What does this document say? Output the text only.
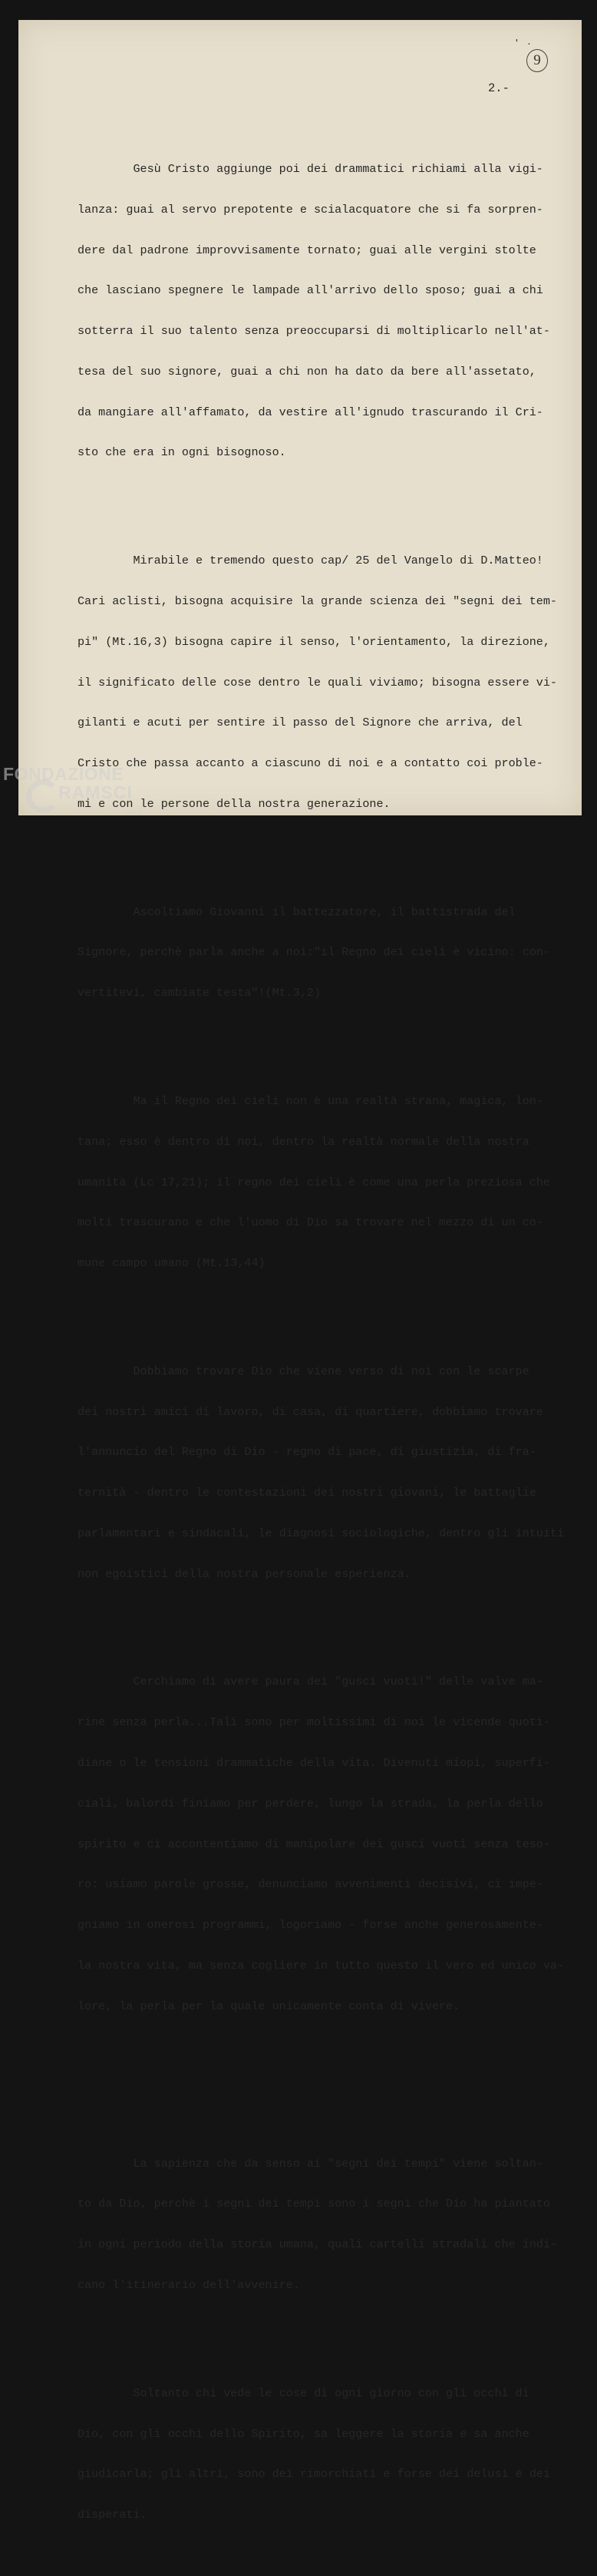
' ·
9
2.-

Gesù Cristo aggiunge poi dei drammatici richiami alla vigi-

lanza: guai al servo prepotente e scialacquatore che si fa sorpren-

dere dal padrone improvvisamente tornato; guai alle vergini stolte

che lasciano spegnere le lampade all'arrivo dello sposo; guai a chi

sotterra il suo talento senza preoccuparsi di moltiplicarlo nell'at-

tesa del suo signore, guai a chi non ha dato da bere all'assetato,

da mangiare all'affamato, da vestire all'ignudo trascurando il Cri-

sto che era in ogni bisognoso.

Mirabile e tremendo questo cap/ 25 del Vangelo di D.Matteo!

Cari aclisti, bisogna acquisire la grande scienza dei "segni dei tem-

pi" (Mt.16,3) bisogna capire il senso, l'orientamento, la direzione,

il significato delle cose dentro le quali viviamo; bisogna essere vi-

gilanti e acuti per sentire il passo del Signore che arriva, del

Cristo che passa accanto a ciascuno di noi e a contatto coi proble-

mi e con le persone della nostra generazione.

Ascoltiamo Giovanni il battezzatore, il battistrada del

Signore, perchè parla anche a noi:"il Regno dei cieli è vicino: con-

vertitevi, cambiate testa"!(Mt.3,2)

Ma il Regno dei cieli non è una realtà strana, magica, lon-

tana; esso è dentro di noi, dentro la realtà normale della nostra

umanità (Lc 17,21); il regno dei cieli è come una perla preziosa che

molti trascurano e che l'uomo di Dio sa trovare nel mezzo di un co-

mune campo umano (Mt.13,44)

Dobbiamo trovare Dio che viene verso di noi con le scarpe

dei nostri amici di lavoro, di casa, di quartiere, dobbiamo trovare

l'annuncio del Regno di Dio - regno di pace, di giustizia, di fra-

ternità - dentro le contestazioni dei nostri giovani, le battaglie

parlamentari e sindacali, le diagnosi sociologiche, dentro gli intuiti

non egoistici della nostra personale esperienza.

Cerchiamo di avere paura dei "gusci vuoti!" delle valve ma-

rine senza perla...Tali sono per moltissimi di noi le vicende quoti-

diane o le tensioni drammatiche della vita. Divenuti miopi, superfi-

ciali, balordi finiamo per perdere, lungo la strada, la perla dello

spirito e ci accontentiamo di manipolare dei gusci vuoti senza teso-

ro: usiamo parole grosse, denunciamo avvenimenti decisivi, ci impe-

gniamo in onerosi programmi, logoriamo - forse anche generosamente-

la nostra vita, ma senza cogliere in tutto questo il vero ed unico va-

lore, la perla per la quale unicamente conta di vivere.

La sapienza che da senso ai "segni dei tempi" viene soltan-

to da Dio, perchè i segni dei tempi sono i segni che Dio ha piantato

in ogni periodo della storia umana, quali cartelli stradali che indi-

cano l'itinerario dell'avvenire.

Soltanto chi vede le cose di ogni giorno con gli occhi di

Dio, con gli occhi dello Spirito, sa leggere la storia e sa anche

giudicarla; gli altri, sono dei rimorchiati e forse dei delusi e dei

disperati.

FONDAZIONE
RAMSCI
onlus
